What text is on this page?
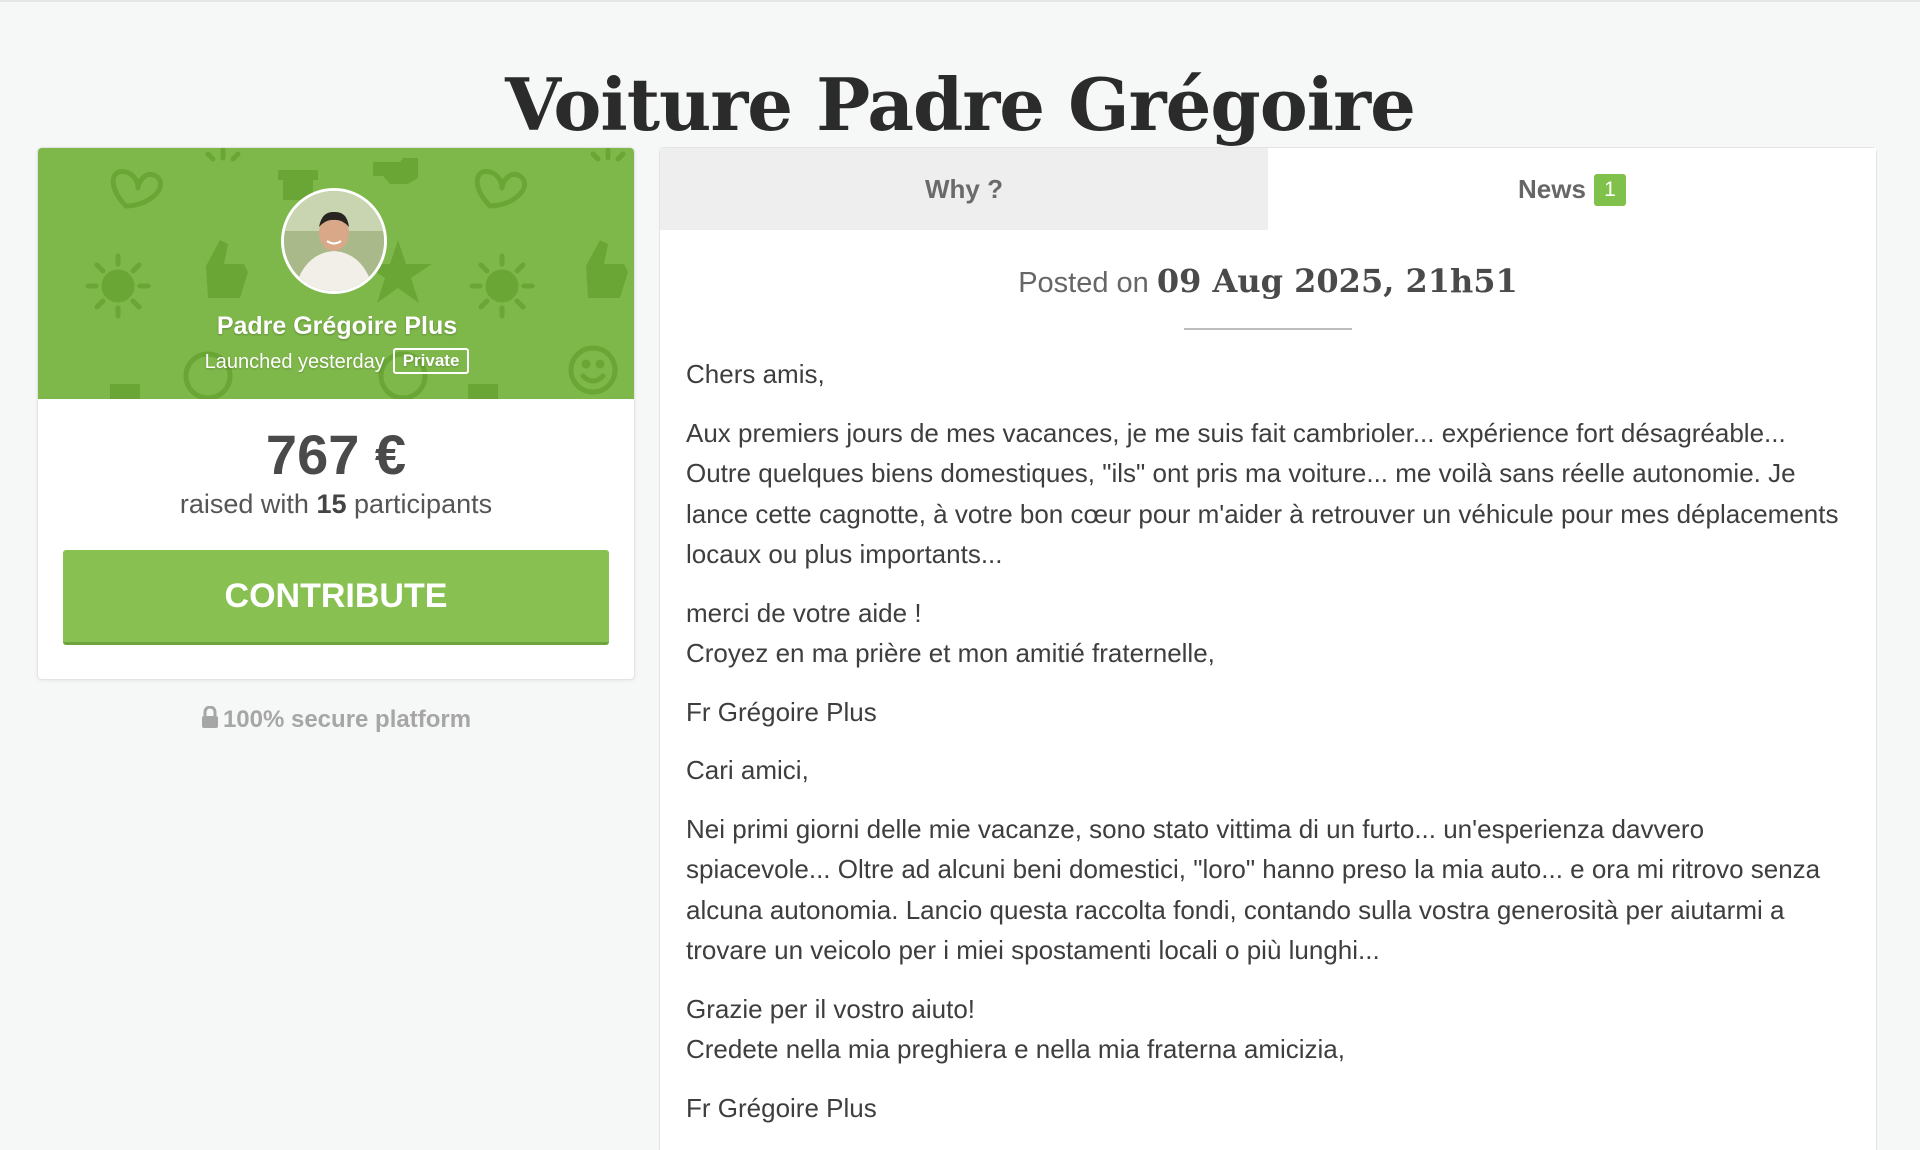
Voiture Padre Grégoire
Padre Grégoire Plus
Launched yesterday Private
767 €
raised with 15 participants
CONTRIBUTE
100% secure platform
Why ?	News 1
Posted on 09 Aug 2025, 21h51

Chers amis,

Aux premiers jours de mes vacances, je me suis fait cambrioler... expérience fort désagréable... Outre quelques biens domestiques, "ils" ont pris ma voiture... me voilà sans réelle autonomie. Je lance cette cagnotte, à votre bon cœur pour m'aider à retrouver un véhicule pour mes déplacements locaux ou plus importants...

merci de votre aide !
Croyez en ma prière et mon amitié fraternelle,

Fr Grégoire Plus

Cari amici,

Nei primi giorni delle mie vacanze, sono stato vittima di un furto... un'esperienza davvero spiacevole... Oltre ad alcuni beni domestici, "loro" hanno preso la mia auto... e ora mi ritrovo senza alcuna autonomia. Lancio questa raccolta fondi, contando sulla vostra generosità per aiutarmi a trovare un veicolo per i miei spostamenti locali o più lunghi...

Grazie per il vostro aiuto!
Credete nella mia preghiera e nella mia fraterna amicizia,

Fr Grégoire Plus
